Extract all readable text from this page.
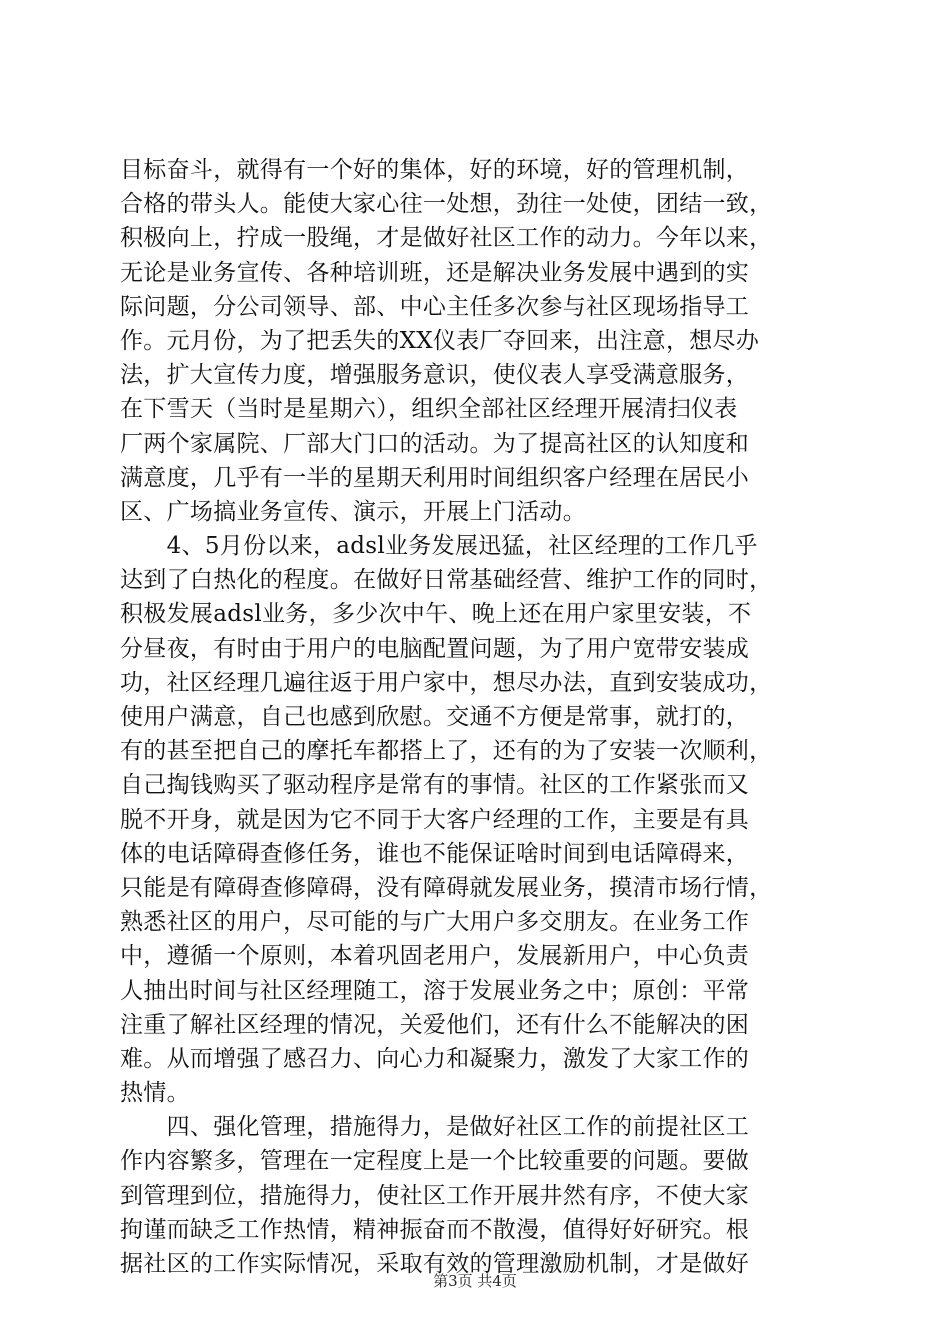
目标奋斗，就得有一个好的集体，好的环境，好的管理机制，
合格的带头人。能使大家心往一处想，劲往一处使，团结一致，
积极向上，拧成一股绳，才是做好社区工作的动力。今年以来，
无论是业务宣传、各种培训班，还是解决业务发展中遇到的实
际问题，分公司领导、部、中心主任多次参与社区现场指导工
作。元月份，为了把丢失的XX仪表厂夺回来，出注意，想尽办
法，扩大宣传力度，增强服务意识，使仪表人享受满意服务，
在下雪天（当时是星期六），组织全部社区经理开展清扫仪表
厂两个家属院、厂部大门口的活动。为了提高社区的认知度和
满意度，几乎有一半的星期天利用时间组织客户经理在居民小
区、广场搞业务宣传、演示，开展上门活动。
　　4、5月份以来，adsl业务发展迅猛，社区经理的工作几乎
达到了白热化的程度。在做好日常基础经营、维护工作的同时，
积极发展adsl业务，多少次中午、晚上还在用户家里安装，不
分昼夜，有时由于用户的电脑配置问题，为了用户宽带安装成
功，社区经理几遍往返于用户家中，想尽办法，直到安装成功，
使用户满意，自己也感到欣慰。交通不方便是常事，就打的，
有的甚至把自己的摩托车都搭上了，还有的为了安装一次顺利，
自己掏钱购买了驱动程序是常有的事情。社区的工作紧张而又
脱不开身，就是因为它不同于大客户经理的工作，主要是有具
体的电话障碍查修任务，谁也不能保证啥时间到电话障碍来，
只能是有障碍查修障碍，没有障碍就发展业务，摸清市场行情，
熟悉社区的用户，尽可能的与广大用户多交朋友。在业务工作
中，遵循一个原则，本着巩固老用户，发展新用户，中心负责
人抽出时间与社区经理随工，溶于发展业务之中；原创：平常
注重了解社区经理的情况，关爱他们，还有什么不能解决的困
难。从而增强了感召力、向心力和凝聚力，激发了大家工作的
热情。
　　四、强化管理，措施得力，是做好社区工作的前提社区工
作内容繁多，管理在一定程度上是一个比较重要的问题。要做
到管理到位，措施得力，使社区工作开展井然有序，不使大家
拘谨而缺乏工作热情，精神振奋而不散漫，值得好好研究。根
据社区的工作实际情况，采取有效的管理激励机制，才是做好
第3页 共4页
